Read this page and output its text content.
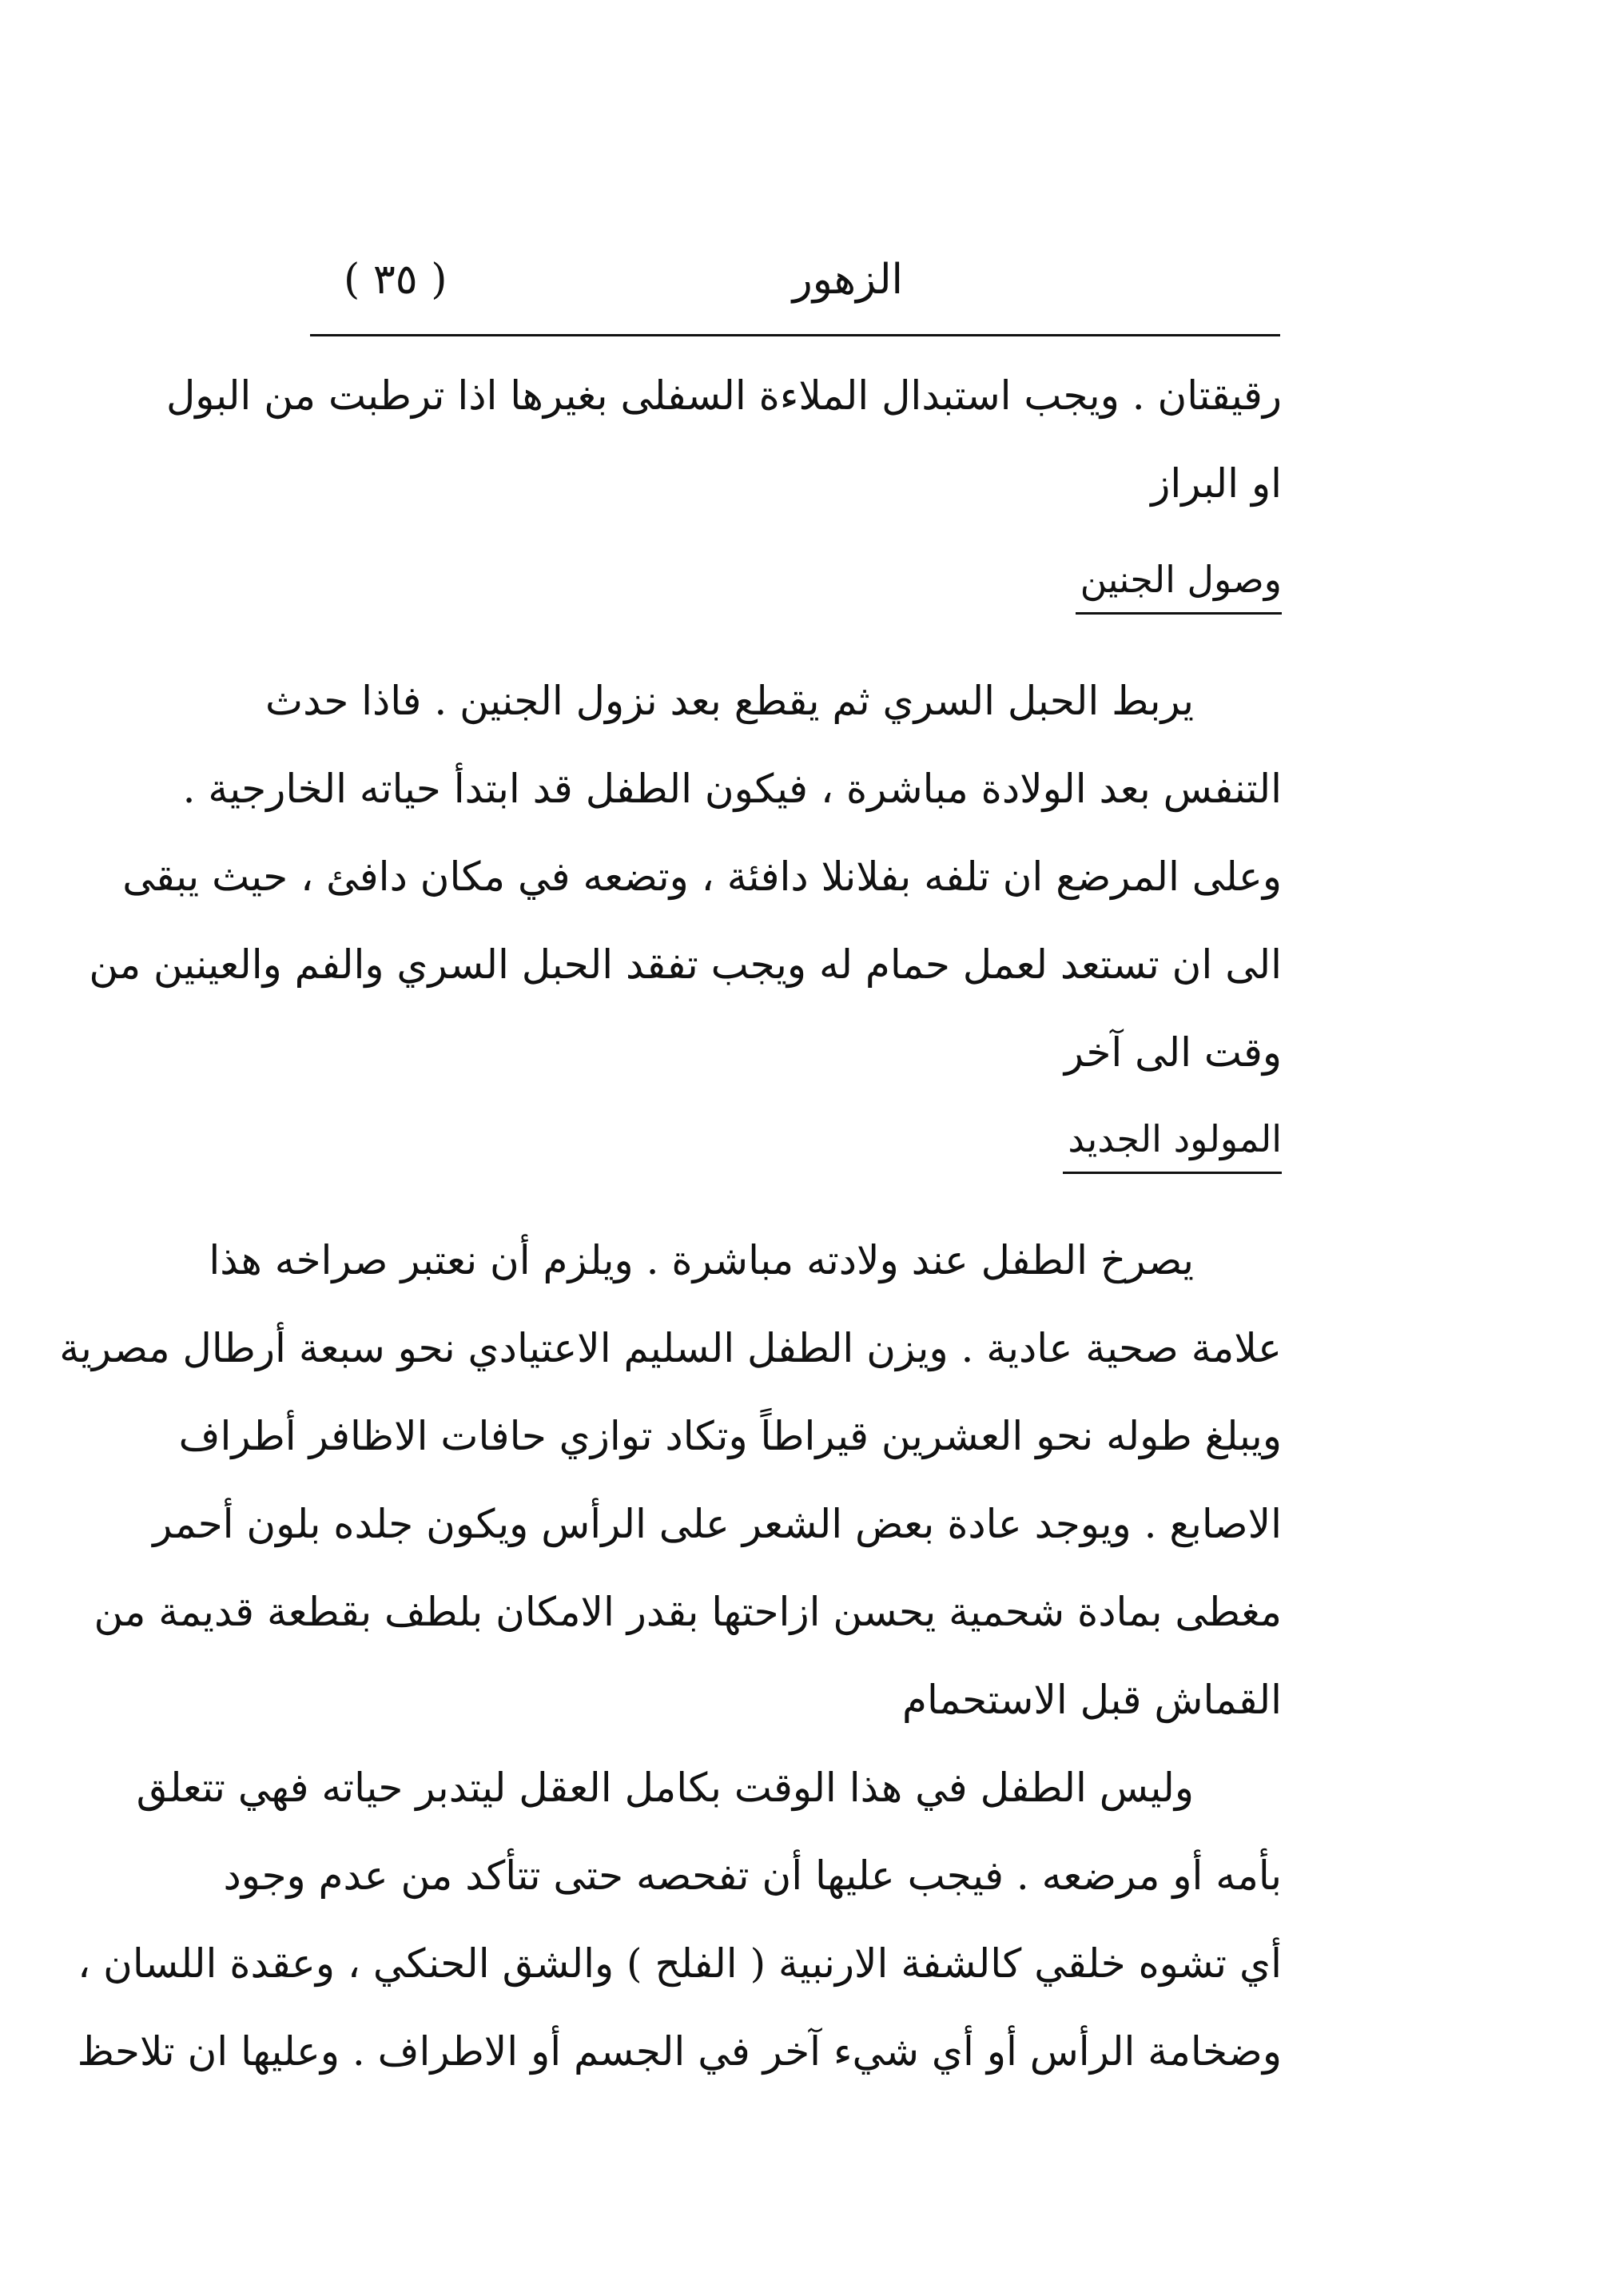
الزهور
( ٣٥ )
رقيقتان . ويجب استبدال الملاءة السفلى بغيرها اذا ترطبت من البول
او البراز
وصول الجنين
يربط الحبل السري ثم يقطع بعد نزول الجنين . فاذا حدث
التنفس بعد الولادة مباشرة ، فيكون الطفل قد ابتدأ حياته الخارجية .
وعلى المرضع ان تلفه بفلانلا دافئة ، وتضعه في مكان دافئ ، حيث يبقى
الى ان تستعد لعمل حمام له ويجب تفقد الحبل السري والفم والعينين من
وقت الى آخر
المولود الجديد
يصرخ الطفل عند ولادته مباشرة . ويلزم أن نعتبر صراخه هذا
علامة صحية عادية . ويزن الطفل السليم الاعتيادي نحو سبعة أرطال مصرية
ويبلغ طوله نحو العشرين قيراطاً وتكاد توازي حافات الاظافر أطراف
الاصابع . ويوجد عادة بعض الشعر على الرأس ويكون جلده بلون أحمر
مغطى بمادة شحمية يحسن ازاحتها بقدر الامكان بلطف بقطعة قديمة من
القماش قبل الاستحمام
وليس الطفل في هذا الوقت بكامل العقل ليتدبر حياته فهي تتعلق
بأمه أو مرضعه . فيجب عليها أن تفحصه حتى تتأكد من عدم وجود
أي تشوه خلقي كالشفة الارنبية ( الفلح ) والشق الحنكي ، وعقدة اللسان ،
وضخامة الرأس أو أي شيء آخر في الجسم أو الاطراف . وعليها ان تلاحظ
